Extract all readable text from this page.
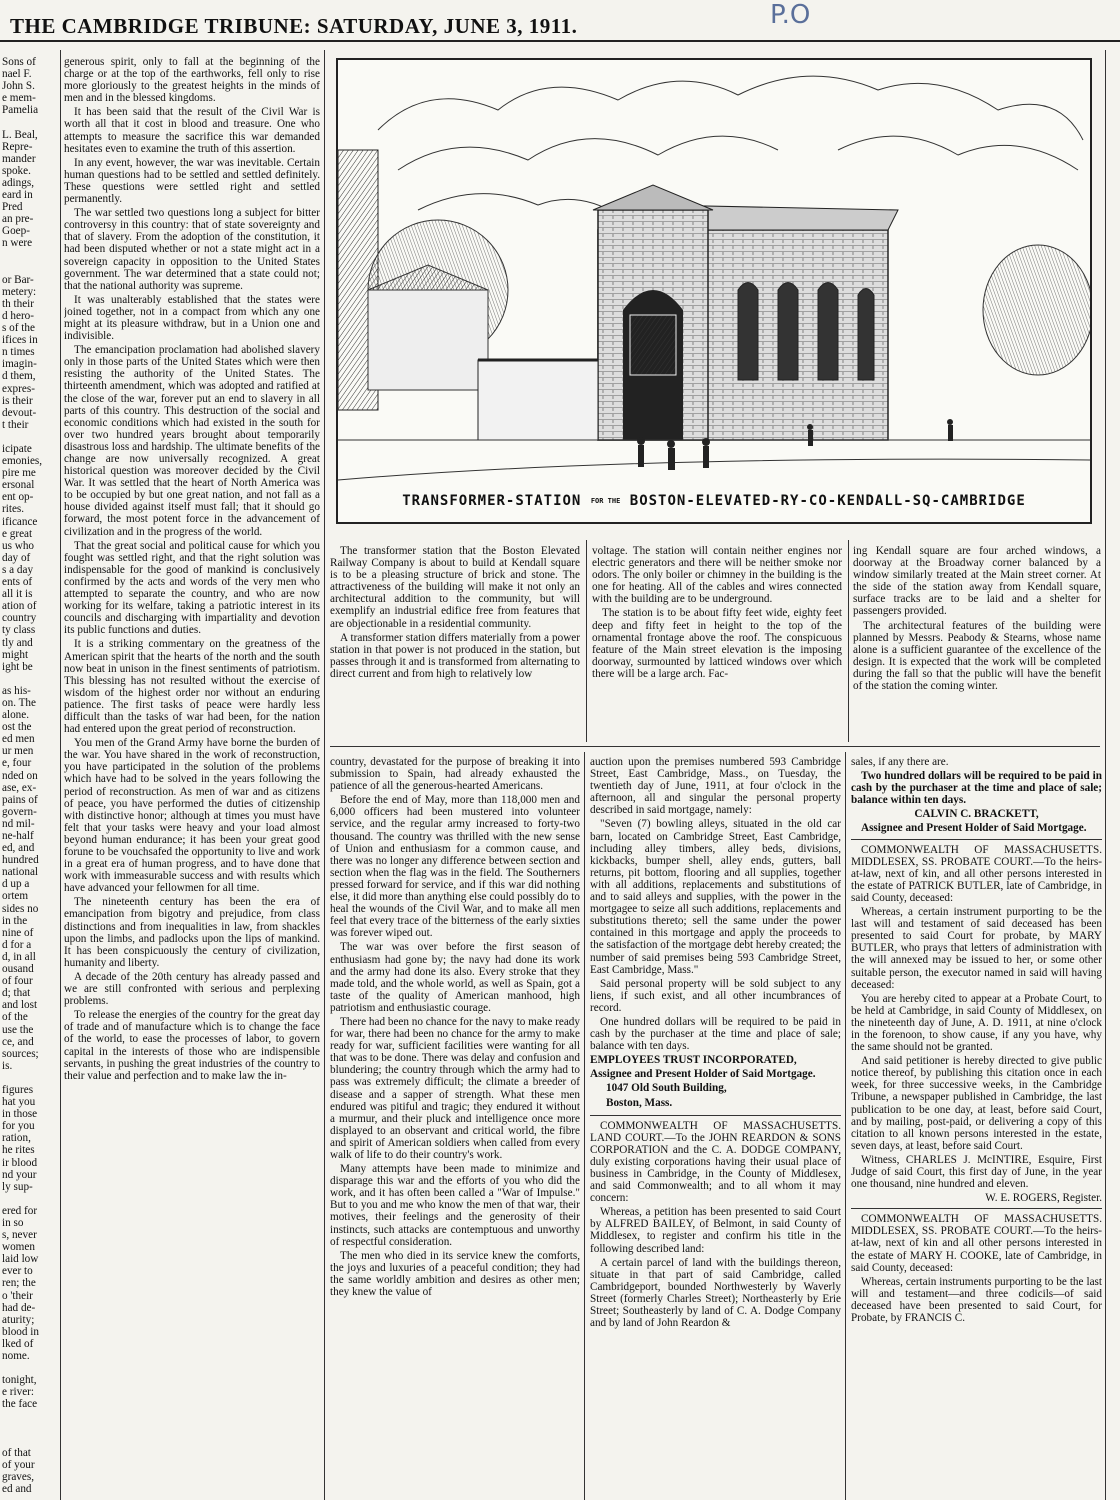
THE CAMBRIDGE TRIBUNE: SATURDAY, JUNE 3, 1911.	P.O
Sons of
nael F.
John S.
e mem-
Pamelia
L. Beal,
Repre-
mander
spoke.
adings,
eard in
Pred
an pre-
Goep-
n were
or Bar-
metery:
th their
d hero-
s of the
ifices in
n times
imagin-
d them,
expres-
is their
devout-
t their
icipate
emonies,
pire me
ersonal
ent op-
rites.
ificance
e great
us who
day of
s a day
ents of
all it is
ation of
country
ty class
tly and
might
ight be
as his-
on. The
alone.
ost the
ed men
ur men
e, four
nded on
ase, ex-
pains of
govern-
nd mil-
ne-half
ed, and
hundred
national
d up a
ortem
sides no
in the
nine of
d for a
d, in all
ousand
of four
d; that
and lost
of the
use the
ce, and
sources;
is.
figures
hat you
in those
for you
ration,
he rites
ir blood
nd your
ly sup-
ered for
in so
s, never
women
laid low
ever to
ren; the
o 'their
had de-
aturity;
blood in
lked of
nome.
tonight,
e river:
the face
of that
of your
graves,
ed and

generous spirit, only to fall at the beginning of the charge or at the top of the earthworks, fell only to rise more gloriously to the greatest heights in the minds of men and in the blessed kingdoms.

It has been said that the result of the Civil War is worth all that it cost in blood and treasure. One who attempts to measure the sacrifice this war demanded hesitates even to examine the truth of this assertion.

In any event, however, the war was inevitable. Certain human questions had to be settled and settled definitely. These questions were settled right and settled permanently.

The war settled two questions long a subject for bitter controversy in this country: that of state sovereignty and that of slavery. From the adoption of the constitution, it had been disputed whether or not a state might act in a sovereign capacity in opposition to the United States government. The war determined that a state could not; that the national authority was supreme.

It was unalterably established that the states were joined together, not in a compact from which any one might at its pleasure withdraw, but in a Union one and indivisible.

The emancipation proclamation had abolished slavery only in those parts of the United States which were then resisting the authority of the United States. The thirteenth amendment, which was adopted and ratified at the close of the war, forever put an end to slavery in all parts of this country. This destruction of the social and economic conditions which had existed in the south for over two hundred years brought about temporarily disastrous loss and hardship. The ultimate benefits of the change are now universally recognized. A great historical question was moreover decided by the Civil War. It was settled that the heart of North America was to be occupied by but one great nation, and not fall as a house divided against itself must fall; that it should go forward, the most potent force in the advancement of civilization and in the progress of the world.

That the great social and political cause for which you fought was settled right, and that the right solution was indispensable for the good of mankind is conclusively confirmed by the acts and words of the very men who attempted to separate the country, and who are now working for its welfare, taking a patriotic interest in its councils and discharging with impartiality and devotion its public functions and duties.

It is a striking commentary on the greatness of the American spirit that the hearts of the north and the south now beat in unison in the finest sentiments of patriotism. This blessing has not resulted without the exercise of wisdom of the highest order nor without an enduring patience. The first tasks of peace were hardly less difficult than the tasks of war had been, for the nation had entered upon the great period of reconstruction.

You men of the Grand Army have borne the burden of the war. You have shared in the work of reconstruction, you have participated in the solution of the problems which have had to be solved in the years following the period of reconstruction. As men of war and as citizens of peace, you have performed the duties of citizenship with distinctive honor; although at times you must have felt that your tasks were heavy and your load almost beyond human endurance; it has been your great good forune to be vouchsafed the opportunity to live and work in a great era of human progress, and to have done that work with immeasurable success and with results which have advanced your fellowmen for all time.

The nineteenth century has been the era of emancipation from bigotry and prejudice, from class distinctions and from inequalities in law, from shackles upon the limbs, and padlocks upon the lips of mankind. It has been conspicuously the century of civilization, humanity and liberty.

A decade of the 20th century has already passed and we are still confronted with serious and perplexing problems.

To release the energies of the country for the great day of trade and of manufacture which is to change the face of the world, to ease the processes of labor, to govern capital in the interests of those who are indispensible servants, in pushing the great industries of the country to their value and perfection and to make law the in-

TRANSFORMER-STATION FOR THE BOSTON-ELEVATED-RY-CO-KENDALL-SQ-CAMBRIDGE

The transformer station that the Boston Elevated Railway Company is about to build at Kendall square is to be a pleasing structure of brick and stone. The attractiveness of the building will make it not only an architectural addition to the community, but will exemplify an industrial edifice free from features that are objectionable in a residential community.

A transformer station differs materially from a power station in that power is not produced in the station, but passes through it and is transformed from alternating to direct current and from high to relatively low

voltage. The station will contain neither engines nor electric generators and there will be neither smoke nor odors. The only boiler or chimney in the building is the one for heating. All of the cables and wires connected with the building are to be underground.

The station is to be about fifty feet wide, eighty feet deep and fifty feet in height to the top of the ornamental frontage above the roof. The conspicuous feature of the Main street elevation is the imposing doorway, surmounted by latticed windows over which there will be a large arch. Fac-

ing Kendall square are four arched windows, a doorway at the Broadway corner balanced by a window similarly treated at the Main street corner. At the side of the station away from Kendall square, surface tracks are to be laid and a shelter for passengers provided.

The architectural features of the building were planned by Messrs. Peabody & Stearns, whose name alone is a sufficient guarantee of the excellence of the design. It is expected that the work will be completed during the fall so that the public will have the benefit of the station the coming winter.

country, devastated for the purpose of breaking it into submission to Spain, had already exhausted the patience of all the generous-hearted Americans.

Before the end of May, more than 118,000 men and 6,000 officers had been mustered into volunteer service, and the regular army increased to forty-two thousand. The country was thrilled with the new sense of Union and enthusiasm for a common cause, and there was no longer any difference between section and section when the flag was in the field. The Southerners pressed forward for service, and if this war did nothing else, it did more than anything else could possibly do to heal the wounds of the Civil War, and to make all men feel that every trace of the bitterness of the early sixties was forever wiped out.

The war was over before the first season of enthusiasm had gone by; the navy had done its work and the army had done its also. Every stroke that they made told, and the whole world, as well as Spain, got a taste of the quality of American manhood, high patriotism and enthusiastic courage.

There had been no chance for the navy to make ready for war, there had been no chance for the army to make ready for war, sufficient facilities were wanting for all that was to be done. There was delay and confusion and blundering; the country through which the army had to pass was extremely difficult; the climate a breeder of disease and a sapper of strength. What these men endured was pitiful and tragic; they endured it without a murmur, and their pluck and intelligence once more displayed to an observant and critical world, the fibre and spirit of American soldiers when called from every walk of life to do their country's work.

Many attempts have been made to minimize and disparage this war and the efforts of you who did the work, and it has often been called a "War of Impulse." But to you and me who know the men of that war, their motives, their feelings and the generosity of their instincts, such attacks are contemptuous and unworthy of respectful consideration.

The men who died in its service knew the comforts, the joys and luxuries of a peaceful condition; they had the same worldly ambition and desires as other men; they knew the value of

auction upon the premises numbered 593 Cambridge Street, East Cambridge, Mass., on Tuesday, the twentieth day of June, 1911, at four o'clock in the afternoon, all and singular the personal property described in said mortgage, namely:

"Seven (7) bowling alleys, situated in the old car barn, located on Cambridge Street, East Cambridge, including alley timbers, alley beds, divisions, kickbacks, bumper shell, alley ends, gutters, ball returns, pit bottom, flooring and all supplies, together with all additions, replacements and substitutions of and to said alleys and supplies, with the power in the mortgagee to seize all such additions, replacements and substitutions thereto; sell the same under the power contained in this mortgage and apply the proceeds to the satisfaction of the mortgage debt hereby created; the number of said premises being 593 Cambridge Street, East Cambridge, Mass."

Said personal property will be sold subject to any liens, if such exist, and all other incumbrances of record.

One hundred dollars will be required to be paid in cash by the purchaser at the time and place of sale; balance with ten days.

EMPLOYEES TRUST INCORPORATED,

Assignee and Present Holder of Said Mortgage.

1047 Old South Building,

Boston, Mass.

COMMONWEALTH OF MASSACHUSETTS. LAND COURT.—To the JOHN REARDON & SONS CORPORATION and the C. A. DODGE COMPANY, duly existing corporations having their usual place of business in Cambridge, in the County of Middlesex, and said Commonwealth; and to all whom it may concern:

Whereas, a petition has been presented to said Court by ALFRED BAILEY, of Belmont, in said County of Middlesex, to register and confirm his title in the following described land:

A certain parcel of land with the buildings thereon, situate in that part of said Cambridge, called Cambridgeport, bounded Northwesterly by Waverly Street (formerly Charles Street); Northeasterly by Erie Street; Southeasterly by land of C. A. Dodge Company and by land of John Reardon &

sales, if any there are.

Two hundred dollars will be required to be paid in cash by the purchaser at the time and place of sale; balance within ten days.

CALVIN C. BRACKETT,

Assignee and Present Holder of Said Mortgage.

COMMONWEALTH OF MASSACHUSETTS. MIDDLESEX, SS. PROBATE COURT.—To the heirs-at-law, next of kin, and all other persons interested in the estate of PATRICK BUTLER, late of Cambridge, in said County, deceased:

Whereas, a certain instrument purporting to be the last will and testament of said deceased has been presented to said Court for probate, by MARY BUTLER, who prays that letters of administration with the will annexed may be issued to her, or some other suitable person, the executor named in said will having deceased:

You are hereby cited to appear at a Probate Court, to be held at Cambridge, in said County of Middlesex, on the nineteenth day of June, A. D. 1911, at nine o'clock in the forenoon, to show cause, if any you have, why the same should not be granted.

And said petitioner is hereby directed to give public notice thereof, by publishing this citation once in each week, for three successive weeks, in the Cambridge Tribune, a newspaper published in Cambridge, the last publication to be one day, at least, before said Court, and by mailing, post-paid, or delivering a copy of this citation to all known persons interested in the estate, seven days, at least, before said Court.

Witness, CHARLES J. McINTIRE, Esquire, First Judge of said Court, this first day of June, in the year one thousand, nine hundred and eleven.

W. E. ROGERS, Register.

COMMONWEALTH OF MASSACHUSETTS. MIDDLESEX, SS. PROBATE COURT.—To the heirs-at-law, next of kin and all other persons interested in the estate of MARY H. COOKE, late of Cambridge, in said County, deceased:

Whereas, certain instruments purporting to be the last will and testament—and three codicils—of said deceased have been presented to said Court, for Probate, by FRANCIS C.
